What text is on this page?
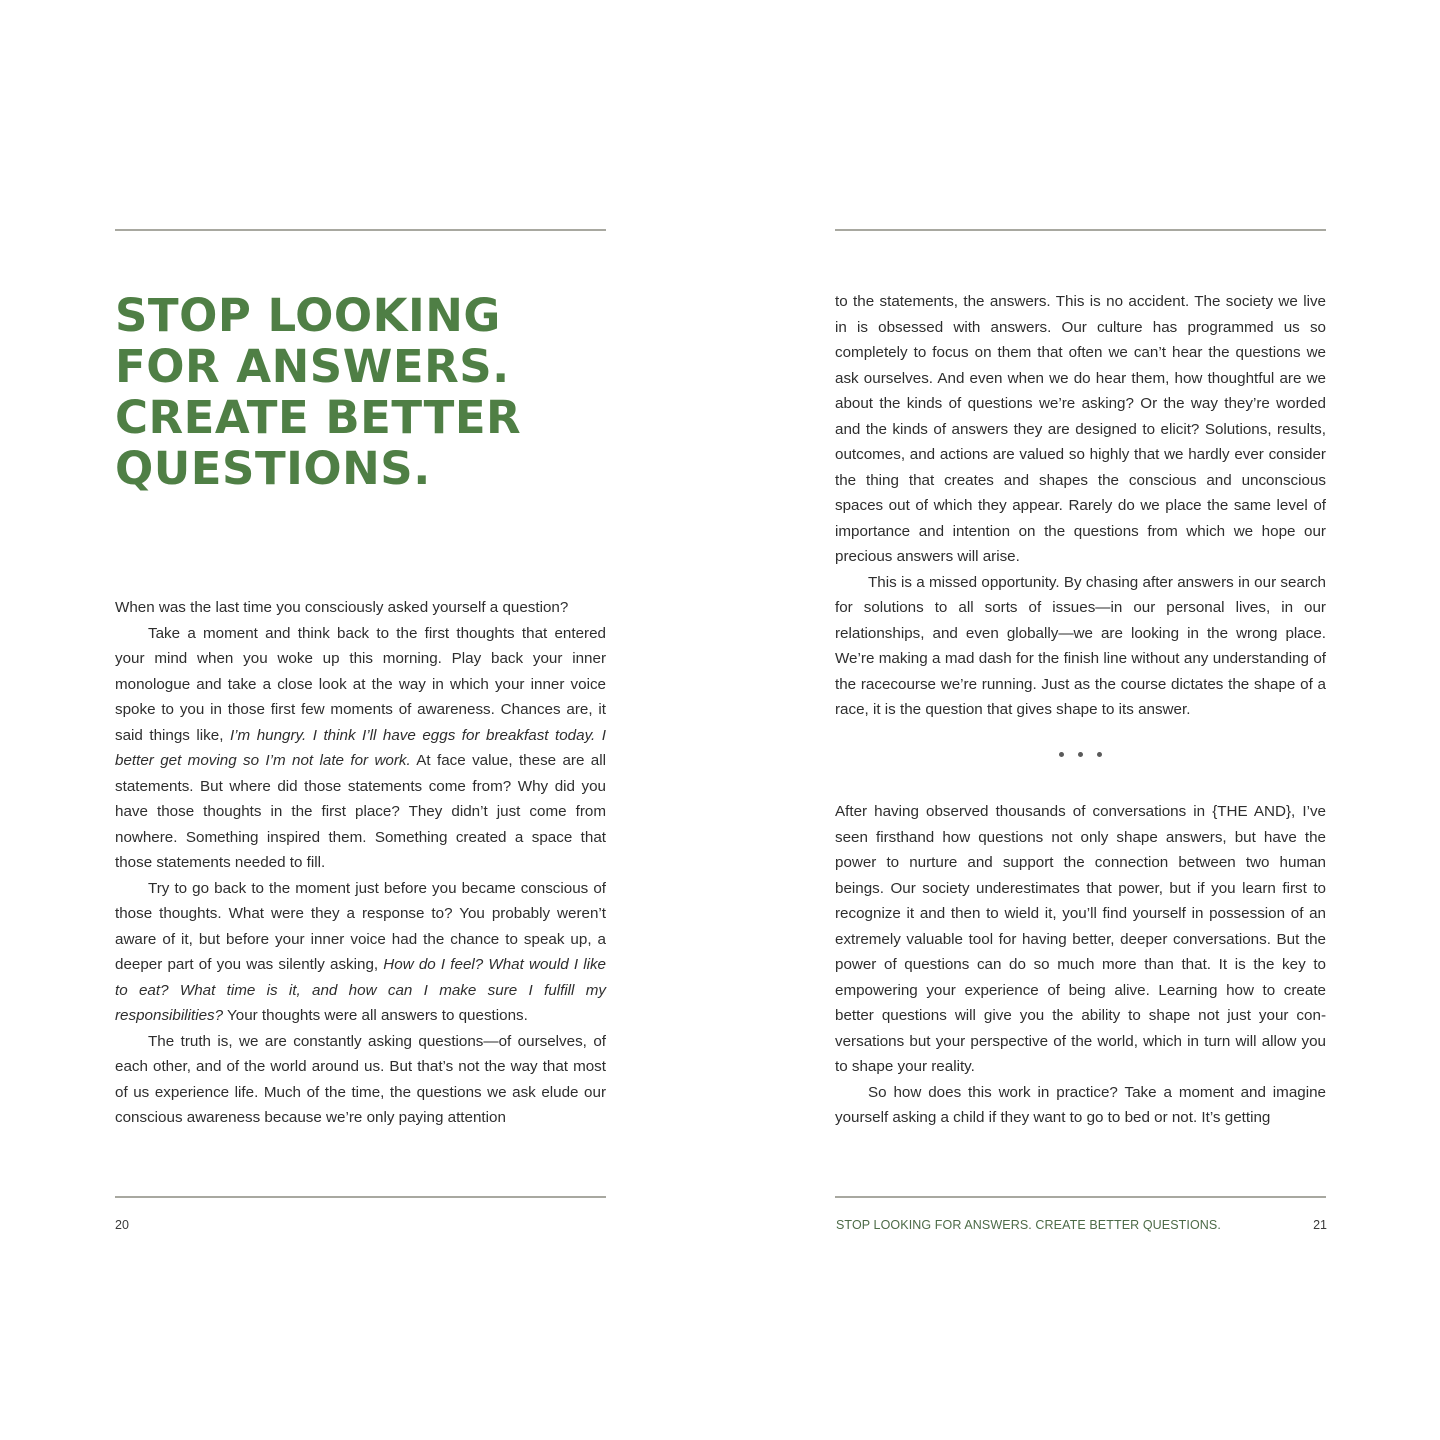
STOP LOOKING
FOR ANSWERS.
CREATE BETTER
QUESTIONS.

When was the last time you consciously asked yourself a question?

Take a moment and think back to the first thoughts that entered your mind when you woke up this morning. Play back your inner monologue and take a close look at the way in which your inner voice spoke to you in those first few moments of awareness. Chances are, it said things like, I’m hungry. I think I’ll have eggs for breakfast today. I better get moving so I’m not late for work. At face value, these are all statements. But where did those statements come from? Why did you have those thoughts in the first place? They didn’t just come from nowhere. Something inspired them. Something created a space that those statements needed to fill.

Try to go back to the moment just before you became conscious of those thoughts. What were they a response to? You probably weren’t aware of it, but before your inner voice had the chance to speak up, a deeper part of you was silently asking, How do I feel? What would I like to eat? What time is it, and how can I make sure I fulfill my responsibilities? Your thoughts were all answers to questions.

The truth is, we are constantly asking questions—of ourselves, of each other, and of the world around us. But that’s not the way that most of us experience life. Much of the time, the questions we ask elude our conscious awareness because we’re only paying attention

20

to the statements, the answers. This is no accident. The society we live in is obsessed with answers. Our culture has programmed us so completely to focus on them that often we can’t hear the questions we ask ourselves. And even when we do hear them, how thoughtful are we about the kinds of questions we’re asking? Or the way they’re worded and the kinds of answers they are designed to elicit? Solutions, results, outcomes, and actions are valued so highly that we hardly ever consider the thing that creates and shapes the conscious and unconscious spaces out of which they appear. Rarely do we place the same level of importance and intention on the questions from which we hope our precious answers will arise.

This is a missed opportunity. By chasing after answers in our search for solutions to all sorts of issues—in our personal lives, in our relationships, and even globally—we are looking in the wrong place. We’re making a mad dash for the finish line without any understanding of the racecourse we’re running. Just as the course dictates the shape of a race, it is the question that gives shape to its answer.

After having observed thousands of conversations in {THE AND}, I’ve seen firsthand how questions not only shape answers, but have the power to nurture and support the connection between two human beings. Our society underestimates that power, but if you learn first to recognize it and then to wield it, you’ll find yourself in possession of an extremely valuable tool for having better, deeper conversations. But the power of questions can do so much more than that. It is the key to empowering your experience of being alive. Learning how to create better questions will give you the ability to shape not just your conversations but your perspective of the world, which in turn will allow you to shape your reality.

So how does this work in practice? Take a moment and imagine yourself asking a child if they want to go to bed or not. It’s getting

STOP LOOKING FOR ANSWERS. CREATE BETTER QUESTIONS.	21
